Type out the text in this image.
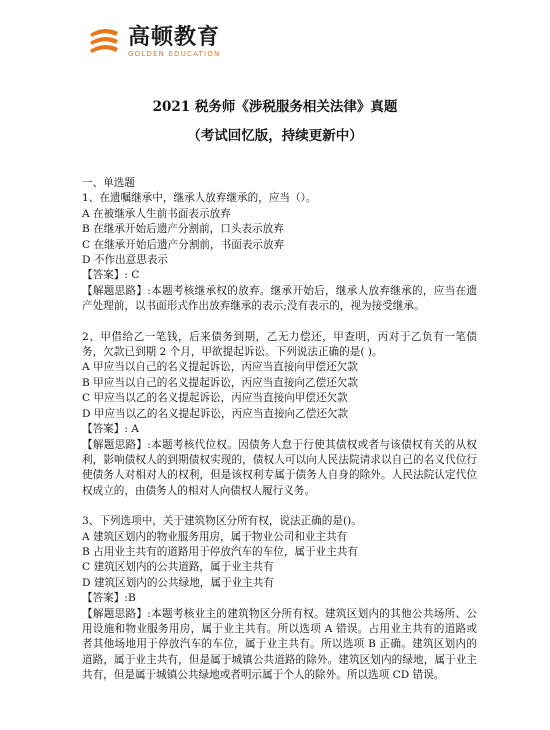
高顿教育
GOLDEN EDUCATION
2021 税务师《涉税服务相关法律》真题
（考试回忆版，持续更新中）

一、单选题

1、在遗嘱继承中，继承人放弃继承的，应当（）。

A 在被继承人生前书面表示放弃

B 在继承开始后遗产分割前，口头表示放弃

C 在继承开始后遗产分割前，书面表示放弃

D 不作出意思表示

【答案】: C

【解题思路】:本题考核继承权的放弃。继承开始后，继承人放弃继承的，应当在遗产处理前，以书面形式作出放弃继承的表示;没有表示的，视为接受继承。

2、甲借给乙一笔钱，后来债务到期，乙无力偿还，甲查明，丙对于乙负有一笔债务，欠款已到期 2 个月，甲欲提起诉讼。下列说法正确的是( )。

A 甲应当以自己的名义提起诉讼，丙应当直接向甲偿还欠款

B 甲应当以自己的名义提起诉讼，丙应当直接向乙偿还欠款

C 甲应当以乙的名义提起诉讼，丙应当直接向甲偿还欠款

D 甲应当以乙的名义提起诉讼，丙应当直接向乙偿还欠款

【答案】: A

【解题思路】:本题考核代位权。因债务人怠于行使其债权或者与该债权有关的从权利，影响债权人的到期债权实现的，债权人可以向人民法院请求以自己的名义代位行使债务人对相对人的权利，但是该权利专属于债务人自身的除外。人民法院认定代位权成立的，由债务人的相对人向债权人履行义务。

3、下列选项中，关于建筑物区分所有权，说法正确的是()。

A 建筑区划内的物业服务用房，属于物业公司和业主共有

B 占用业主共有的道路用于停放汽车的车位，属于业主共有

C 建筑区划内的公共道路，属于业主共有

D 建筑区划内的公共绿地，属于业主共有

【答案】:B

【解题思路】:本题考核业主的建筑物区分所有权。建筑区划内的其他公共场所、公用设施和物业服务用房，属于业主共有。所以选项 A 错误。占用业主共有的道路或者其他场地用于停放汽车的车位，属于业主共有。所以选项 B 正确。建筑区划内的道路，属于业主共有，但是属于城镇公共道路的除外。建筑区划内的绿地，属于业主共有，但是属于城镇公共绿地或者明示属于个人的除外。所以选项 CD 错误。
